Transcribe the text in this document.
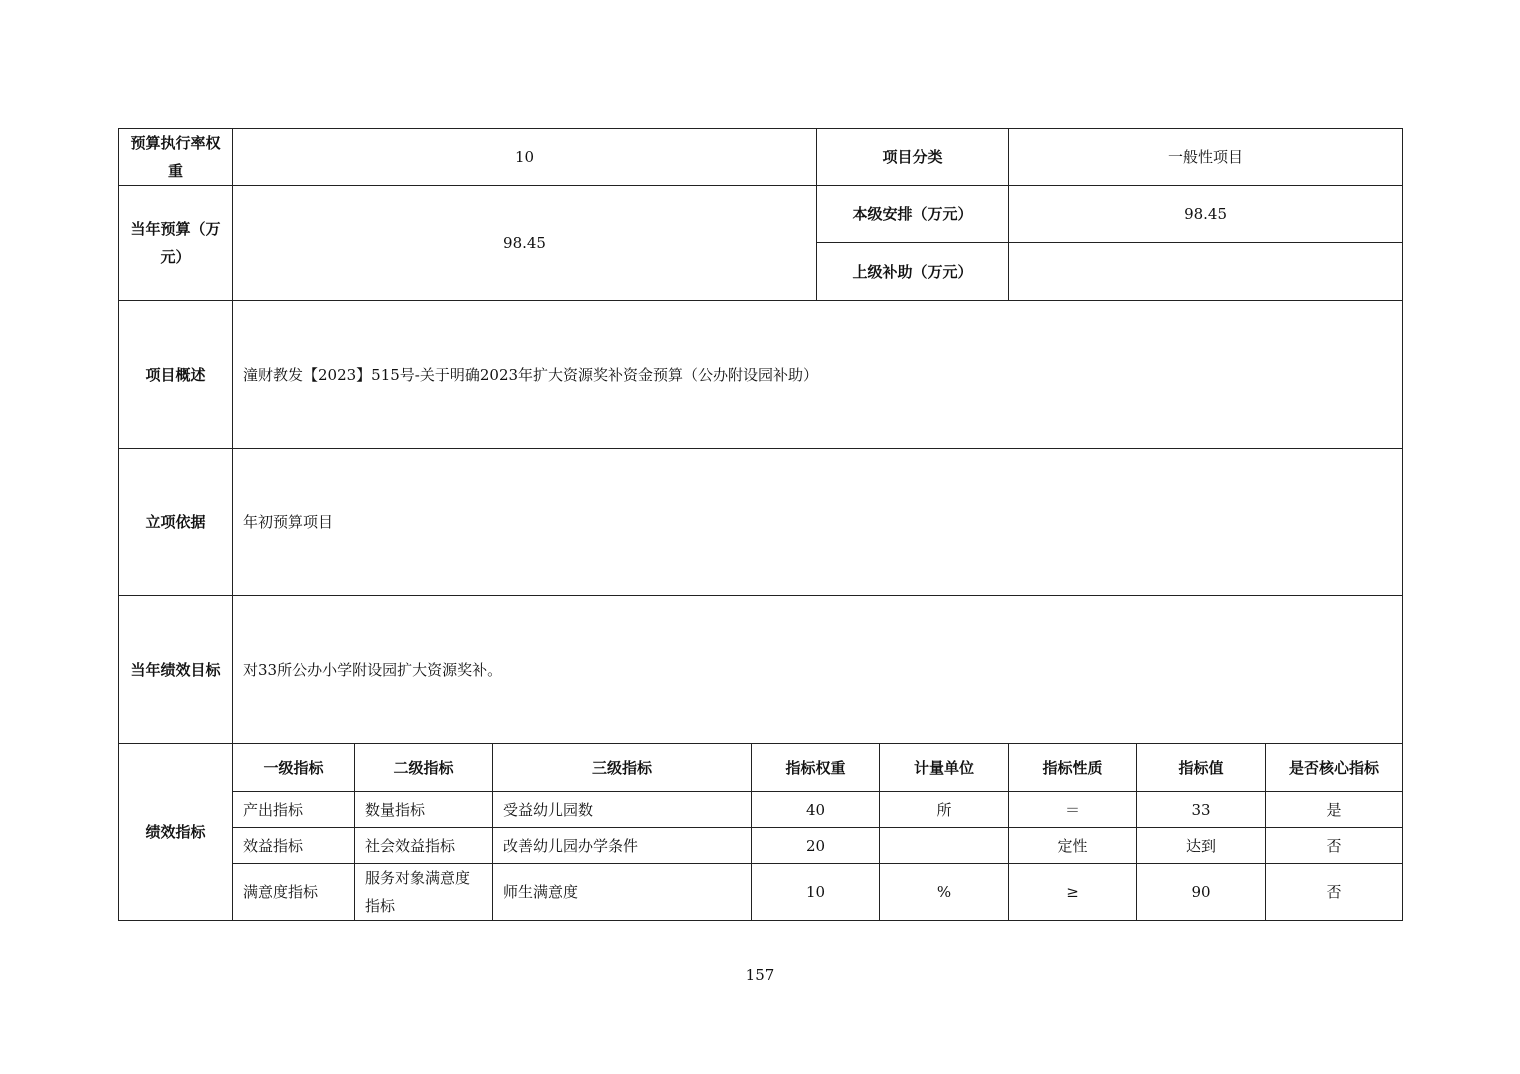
预算执行率权重	10				项目分类		一般性项目		
当年预算（万元）	98.45				本级安排（万元）		98.45		
					上级补助（万元）				
项目概述	潼财教发【2023】515号-关于明确2023年扩大资源奖补资金预算（公办附设园补助）								
立项依据	年初预算项目								
当年绩效目标	对33所公办小学附设园扩大资源奖补。								
绩效指标	一级指标	二级指标	三级指标	指标权重		计量单位	指标性质	指标值	是否核心指标
	产出指标	数量指标	受益幼儿园数	40		所	＝	33	是
	效益指标	社会效益指标	改善幼儿园办学条件	20			定性	达到	否
	满意度指标	服务对象满意度指标	师生满意度	10		%	≥	90	否
157
